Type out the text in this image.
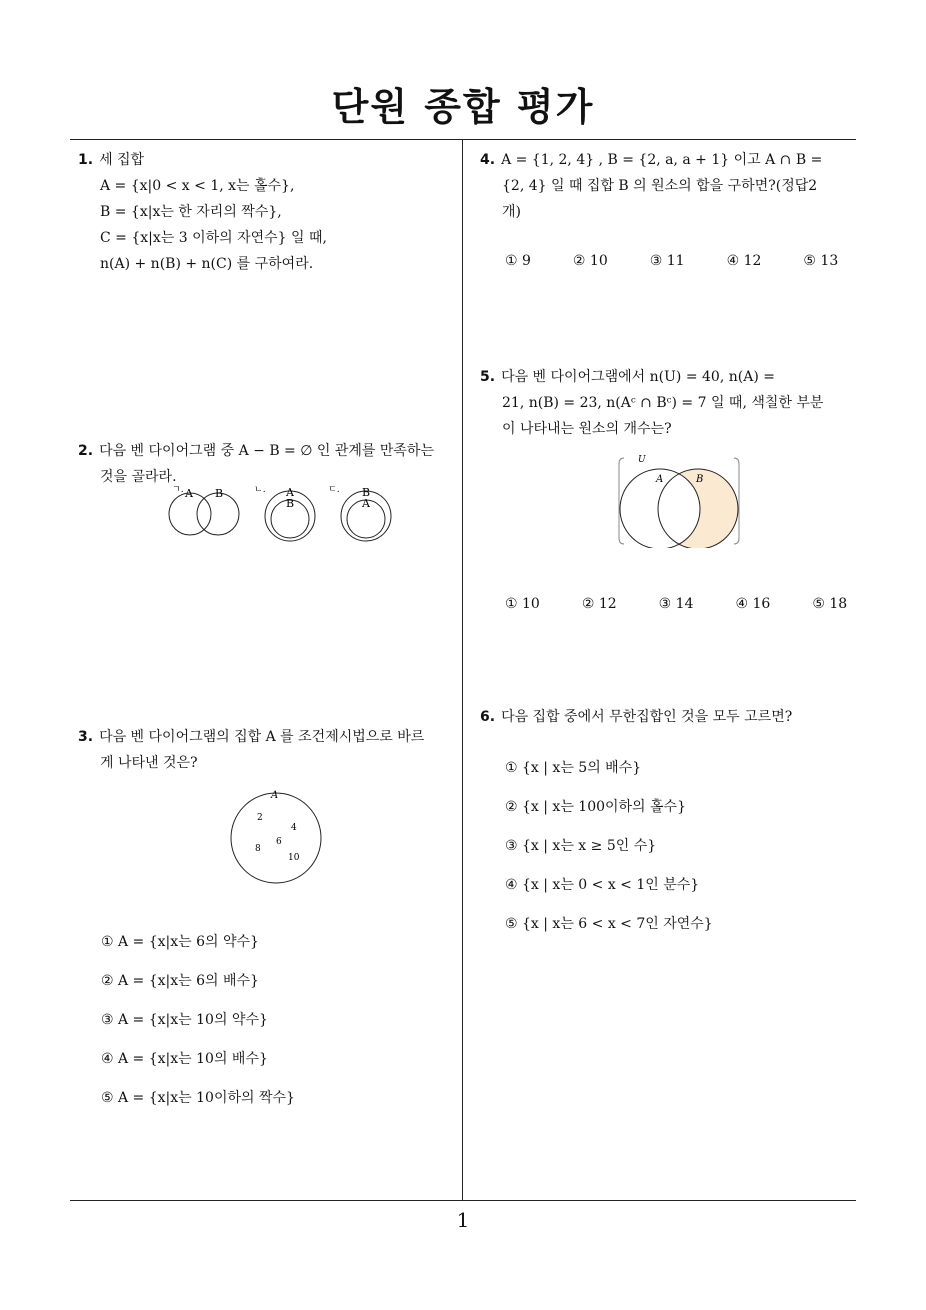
단원 종합 평가
1
1. 세 집합
A = {x|0 < x < 1, x는 홀수},
B = {x|x는 한 자리의 짝수},
C = {x|x는 3 이하의 자연수} 일 때,
n(A) + n(B) + n(C) 를 구하여라.
2. 다음 벤 다이어그램 중 A − B = ∅ 인 관계를 만족하는
것을 골라라.
ㄱ. A B	ㄴ. A
B
ㄷ. B
A
3. 다음 벤 다이어그램의 집합 A 를 조건제시법으로 바르
게 나타낸 것은?
A
2
4
6
8
10
① A = {x|x는 6의 약수}
② A = {x|x는 6의 배수}
③ A = {x|x는 10의 약수}
④ A = {x|x는 10의 배수}
⑤ A = {x|x는 10이하의 짝수}
4. A = {1, 2, 4} , B = {2, a, a + 1} 이고 A ∩ B =
{2, 4} 일 때 집합 B 의 원소의 합을 구하면?(정답2
개)
① 9	② 10	③ 11	④ 12	⑤ 13
5. 다음 벤 다이어그램에서 n(U) = 40, n(A) =
21, n(B) = 23, n(Aᶜ ∩ Bᶜ) = 7 일 때, 색칠한 부분
이 나타내는 원소의 개수는?
U
A	B
① 10	② 12	③ 14	④ 16	⑤ 18
6. 다음 집합 중에서 무한집합인 것을 모두 고르면?
① {x | x는 5의 배수}
② {x | x는 100이하의 홀수}
③ {x | x는 x ≥ 5인 수}
④ {x | x는 0 < x < 1인 분수}
⑤ {x | x는 6 < x < 7인 자연수}
